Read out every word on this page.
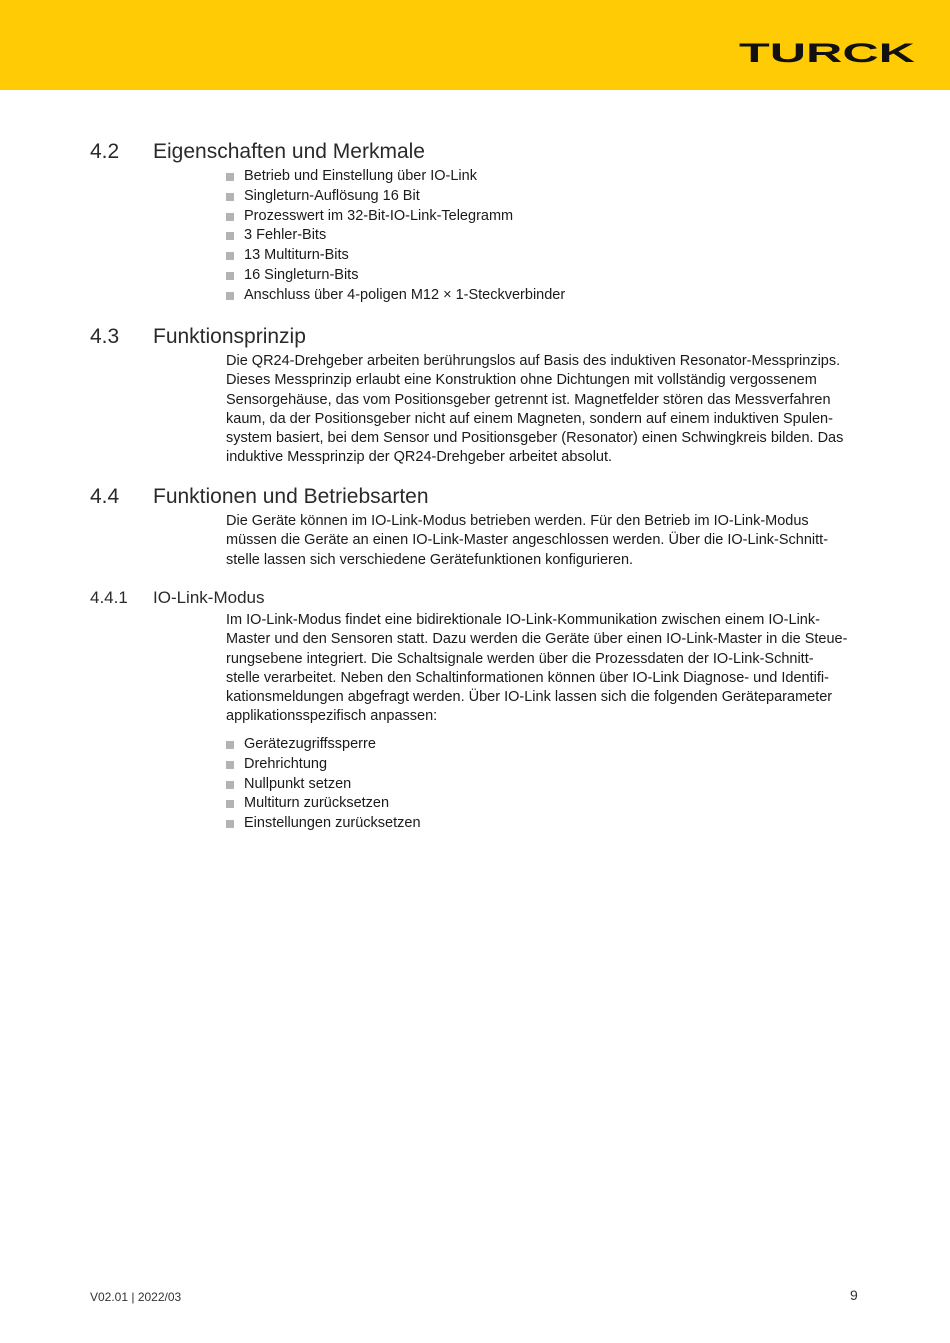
TURCK
4.2 Eigenschaften und Merkmale
Betrieb und Einstellung über IO-Link
Singleturn-Auflösung 16 Bit
Prozesswert im 32-Bit-IO-Link-Telegramm
3 Fehler-Bits
13 Multiturn-Bits
16 Singleturn-Bits
Anschluss über 4-poligen M12 × 1-Steckverbinder
4.3 Funktionsprinzip
Die QR24-Drehgeber arbeiten berührungslos auf Basis des induktiven Resonator-Messprinzips.
Dieses Messprinzip erlaubt eine Konstruktion ohne Dichtungen mit vollständig vergossenem
Sensorgehäuse, das vom Positionsgeber getrennt ist. Magnetfelder stören das Messverfahren
kaum, da der Positionsgeber nicht auf einem Magneten, sondern auf einem induktiven Spulen-
system basiert, bei dem Sensor und Positionsgeber (Resonator) einen Schwingkreis bilden. Das
induktive Messprinzip der QR24-Drehgeber arbeitet absolut.
4.4 Funktionen und Betriebsarten
Die Geräte können im IO-Link-Modus betrieben werden. Für den Betrieb im IO-Link-Modus
müssen die Geräte an einen IO-Link-Master angeschlossen werden. Über die IO-Link-Schnitt-
stelle lassen sich verschiedene Gerätefunktionen konfigurieren.
4.4.1 IO-Link-Modus
Im IO-Link-Modus findet eine bidirektionale IO-Link-Kommunikation zwischen einem IO-Link-
Master und den Sensoren statt. Dazu werden die Geräte über einen IO-Link-Master in die Steue-
rungsebene integriert. Die Schaltsignale werden über die Prozessdaten der IO-Link-Schnitt-
stelle verarbeitet. Neben den Schaltinformationen können über IO-Link Diagnose- und Identifi-
kationsmeldungen abgefragt werden. Über IO-Link lassen sich die folgenden Geräteparameter
applikationsspezifisch anpassen:
Gerätezugriffssperre
Drehrichtung
Nullpunkt setzen
Multiturn zurücksetzen
Einstellungen zurücksetzen
V02.01 | 2022/03	9
